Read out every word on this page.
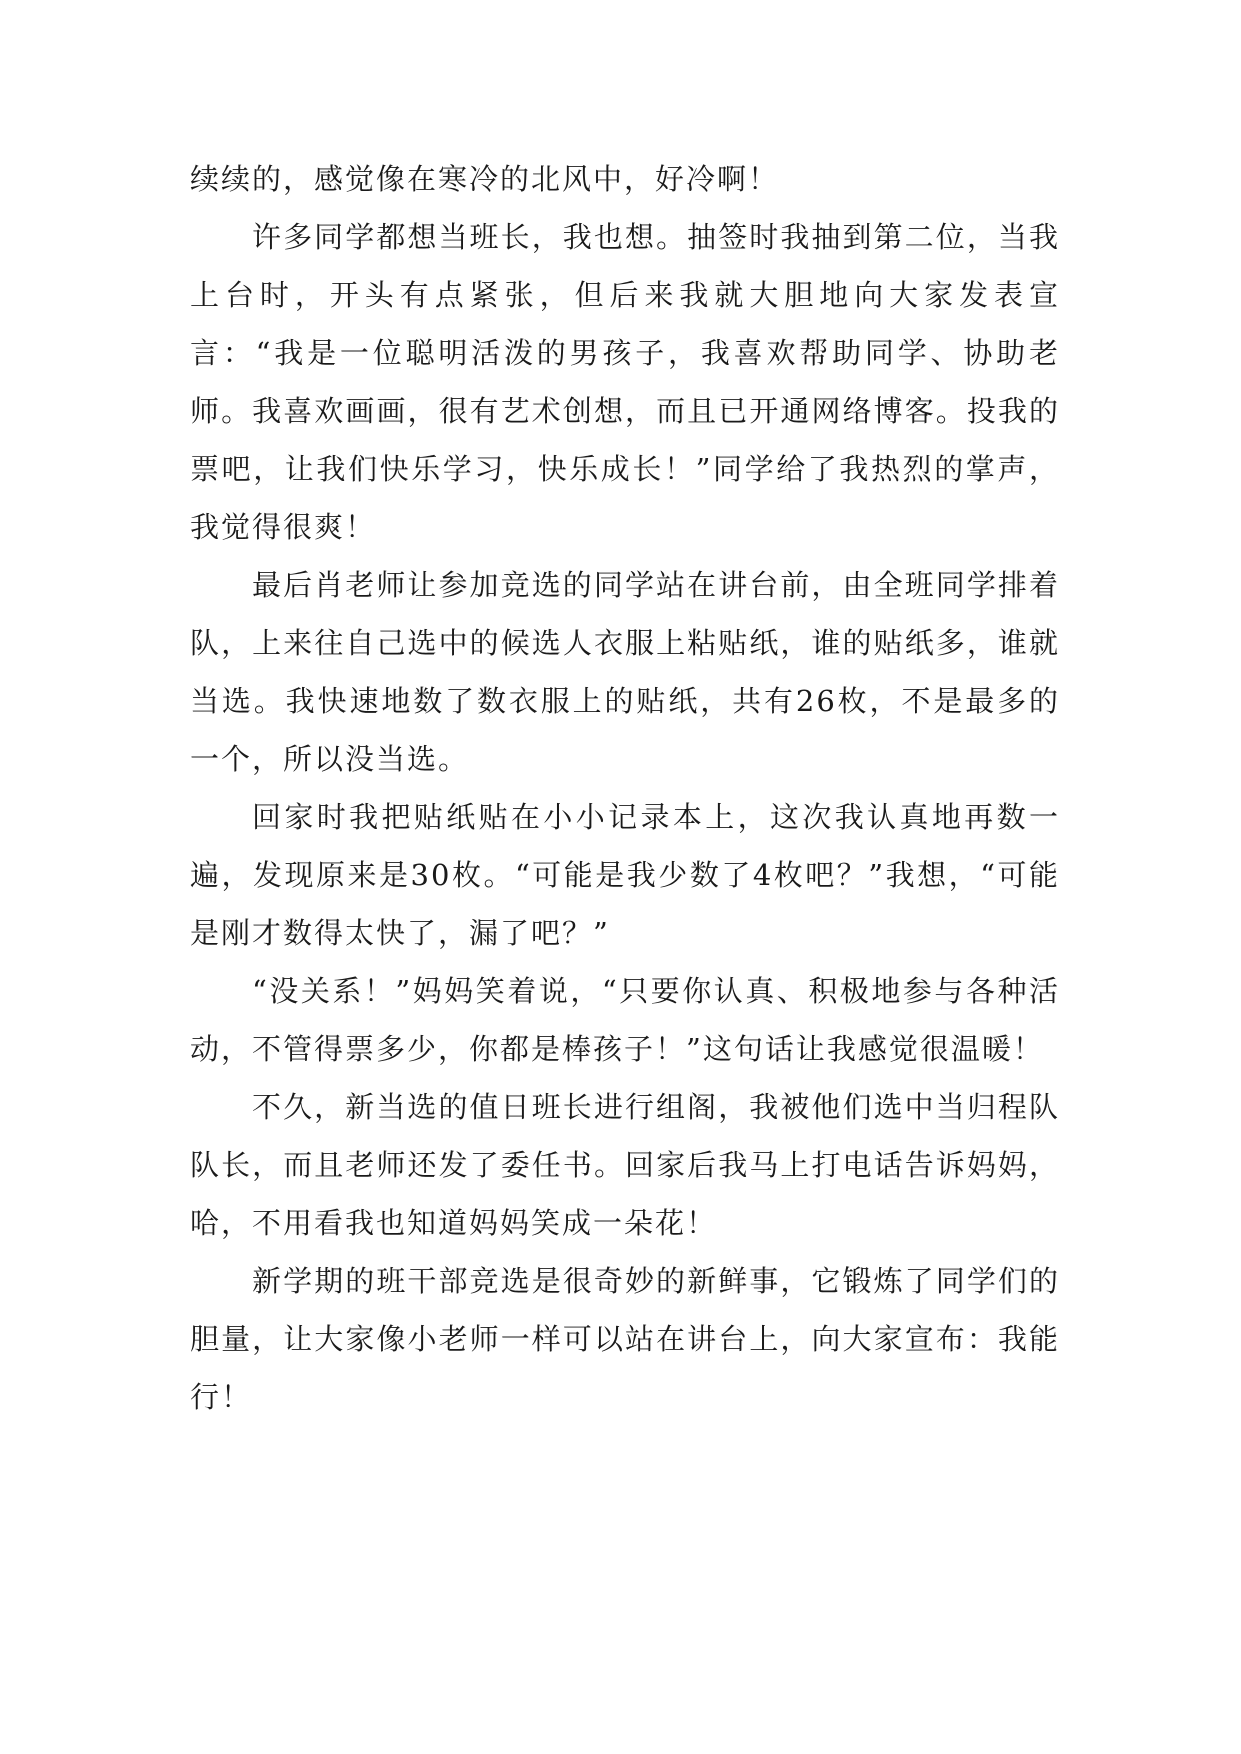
续续的，感觉像在寒冷的北风中，好冷啊！

许多同学都想当班长，我也想。抽签时我抽到第二位，当我上台时，开头有点紧张，但后来我就大胆地向大家发表宣言：“我是一位聪明活泼的男孩子，我喜欢帮助同学、协助老师。我喜欢画画，很有艺术创想，而且已开通网络博客。投我的票吧，让我们快乐学习，快乐成长！”同学给了我热烈的掌声，我觉得很爽！

最后肖老师让参加竞选的同学站在讲台前，由全班同学排着队，上来往自己选中的候选人衣服上粘贴纸，谁的贴纸多，谁就当选。我快速地数了数衣服上的贴纸，共有26枚，不是最多的一个，所以没当选。

回家时我把贴纸贴在小小记录本上，这次我认真地再数一遍，发现原来是30枚。“可能是我少数了4枚吧？”我想，“可能是刚才数得太快了，漏了吧？”

“没关系！”妈妈笑着说，“只要你认真、积极地参与各种活动，不管得票多少，你都是棒孩子！”这句话让我感觉很温暖！

不久，新当选的值日班长进行组阁，我被他们选中当归程队队长，而且老师还发了委任书。回家后我马上打电话告诉妈妈，哈，不用看我也知道妈妈笑成一朵花！

新学期的班干部竞选是很奇妙的新鲜事，它锻炼了同学们的胆量，让大家像小老师一样可以站在讲台上，向大家宣布：我能行！
